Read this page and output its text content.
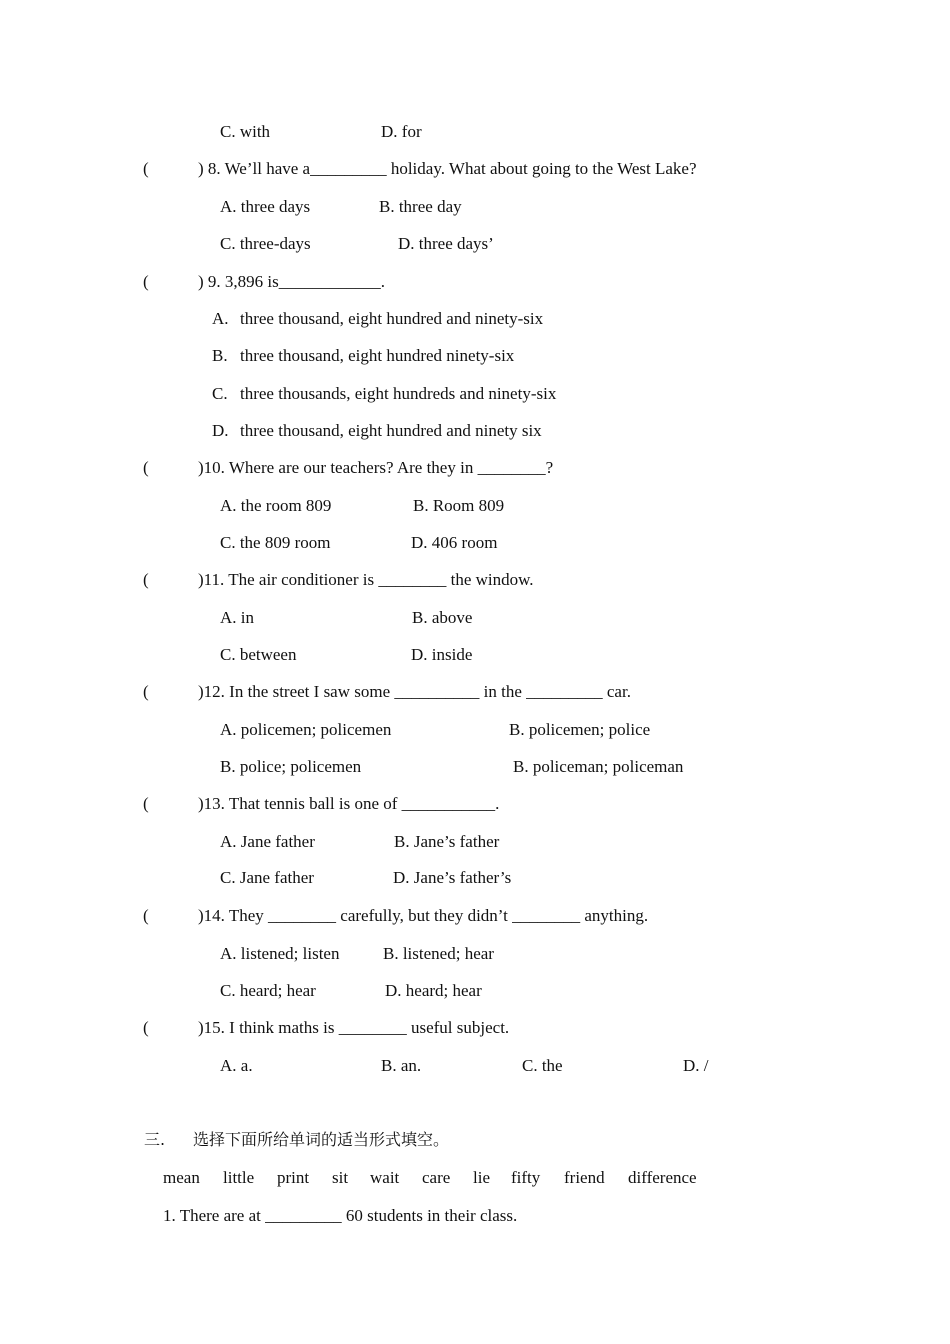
C. with	D. for
(	) 8. We’ll have a_________ holiday. What about going to the West Lake?
A. three days	B. three day
C. three-days	D. three days’
(	) 9. 3,896 is____________.
A. three thousand, eight hundred and ninety-six
B. three thousand, eight hundred ninety-six
C. three thousands, eight hundreds and ninety-six
D. three thousand, eight hundred and ninety six
(	)10. Where are our teachers? Are they in ________?
A. the room 809	B. Room 809
C. the 809 room	D. 406 room
(	)11. The air conditioner is ________ the window.
A. in	B. above
C. between	D. inside
(	)12. In the street I saw some __________ in the _________ car.
A. policemen; policemen	B. policemen; police
B. police; policemen	B. policeman; policeman
(	)13. That tennis ball is one of ___________.
A. Jane father	B. Jane’s father
C. Jane father	D. Jane’s father’s
(	)14. They ________ carefully, but they didn’t ________ anything.
A. listened; listen	B. listened; hear
C. heard; hear	D. heard; hear
(	)15. I think maths is ________ useful subject.
A. a.	B. an.	C. the	D. /
三. 选择下面所给单词的适当形式填空。
mean little print sit wait care lie fifty friend difference
1. There are at _________ 60 students in their class.
